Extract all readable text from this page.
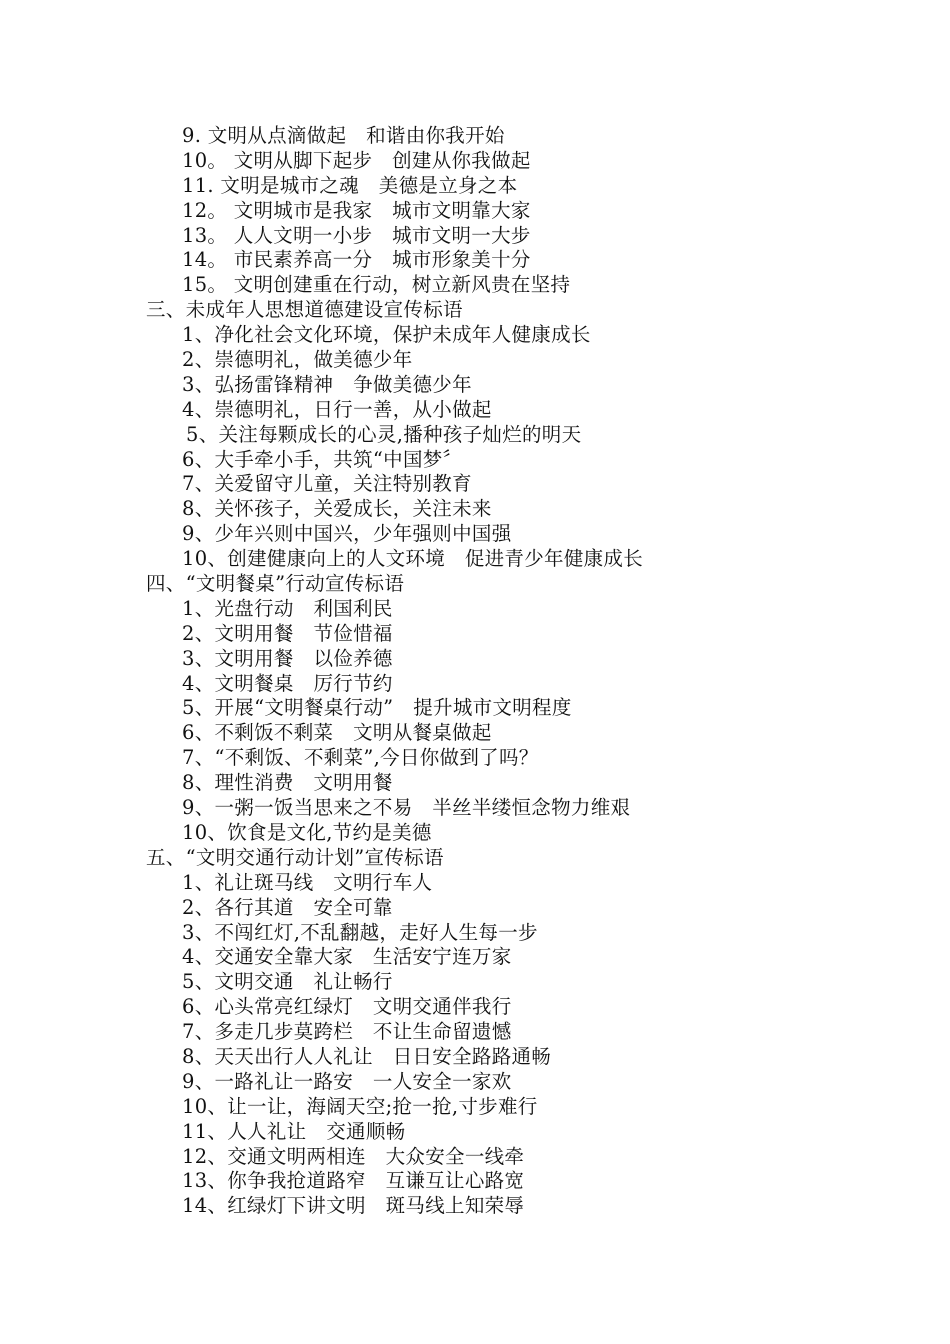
9. 文明从点滴做起　和谐由你我开始
10。 文明从脚下起步　创建从你我做起
11. 文明是城市之魂　美德是立身之本
12。 文明城市是我家　城市文明靠大家
13。 人人文明一小步　城市文明一大步
14。 市民素养高一分　城市形象美十分
15。 文明创建重在行动，树立新风贵在坚持
三、未成年人思想道德建设宣传标语
1、净化社会文化环境，保护未成年人健康成长
2、崇德明礼，做美德少年
3、弘扬雷锋精神　争做美德少年
4、崇德明礼，日行一善，从小做起
5、关注每颗成长的心灵,播种孩子灿烂的明天
6、大手牵小手，共筑“中国梦〞
7、关爱留守儿童，关注特别教育
8、关怀孩子，关爱成长，关注未来
9、少年兴则中国兴，少年强则中国强
10、创建健康向上的人文环境　促进青少年健康成长
四、“文明餐桌”行动宣传标语
1、光盘行动　利国利民
2、文明用餐　节俭惜福
3、文明用餐　以俭养德
4、文明餐桌　厉行节约
5、开展“文明餐桌行动”　提升城市文明程度
6、不剩饭不剩菜　文明从餐桌做起
7、“不剩饭、不剩菜”,今日你做到了吗？
8、理性消费　文明用餐
9、一粥一饭当思来之不易　半丝半缕恒念物力维艰
10、饮食是文化,节约是美德
五、“文明交通行动计划”宣传标语
1、礼让斑马线　文明行车人
2、各行其道　安全可靠
3、不闯红灯,不乱翻越，走好人生每一步
4、交通安全靠大家　生活安宁连万家
5、文明交通　礼让畅行
6、心头常亮红绿灯　文明交通伴我行
7、多走几步莫跨栏　不让生命留遗憾
8、天天出行人人礼让　日日安全路路通畅
9、一路礼让一路安　一人安全一家欢
10、让一让，海阔天空;抢一抢,寸步难行
11、人人礼让　交通顺畅
12、交通文明两相连　大众安全一线牵
13、你争我抢道路窄　互谦互让心路宽
14、红绿灯下讲文明　斑马线上知荣辱
